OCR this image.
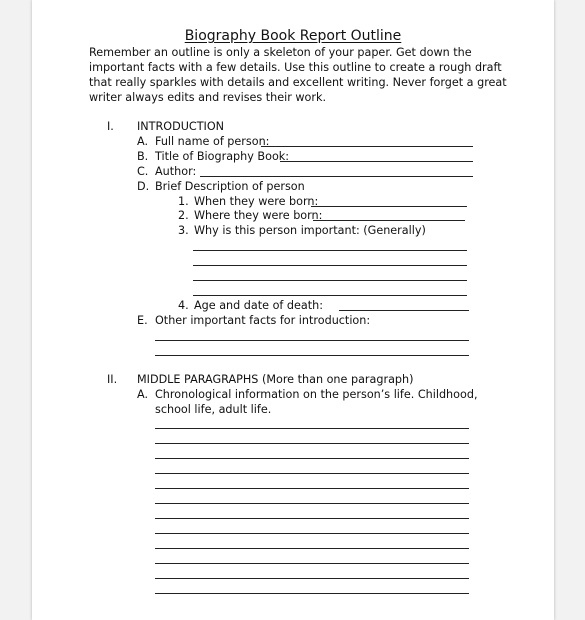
Biography Book Report Outline
Remember an outline is only a skeleton of your paper. Get down the
important facts with a few details. Use this outline to create a rough draft
that really sparkles with details and excellent writing. Never forget a great
writer always edits and revises their work.
I. INTRODUCTION
A. Full name of person:
B. Title of Biography Book:
C. Author:
D. Brief Description of person
1. When they were born:
2. Where they were born:
3. Why is this person important: (Generally)
4. Age and date of death:
E. Other important facts for introduction:
II. MIDDLE PARAGRAPHS (More than one paragraph)
A. Chronological information on the person’s life. Childhood,
school life, adult life.
